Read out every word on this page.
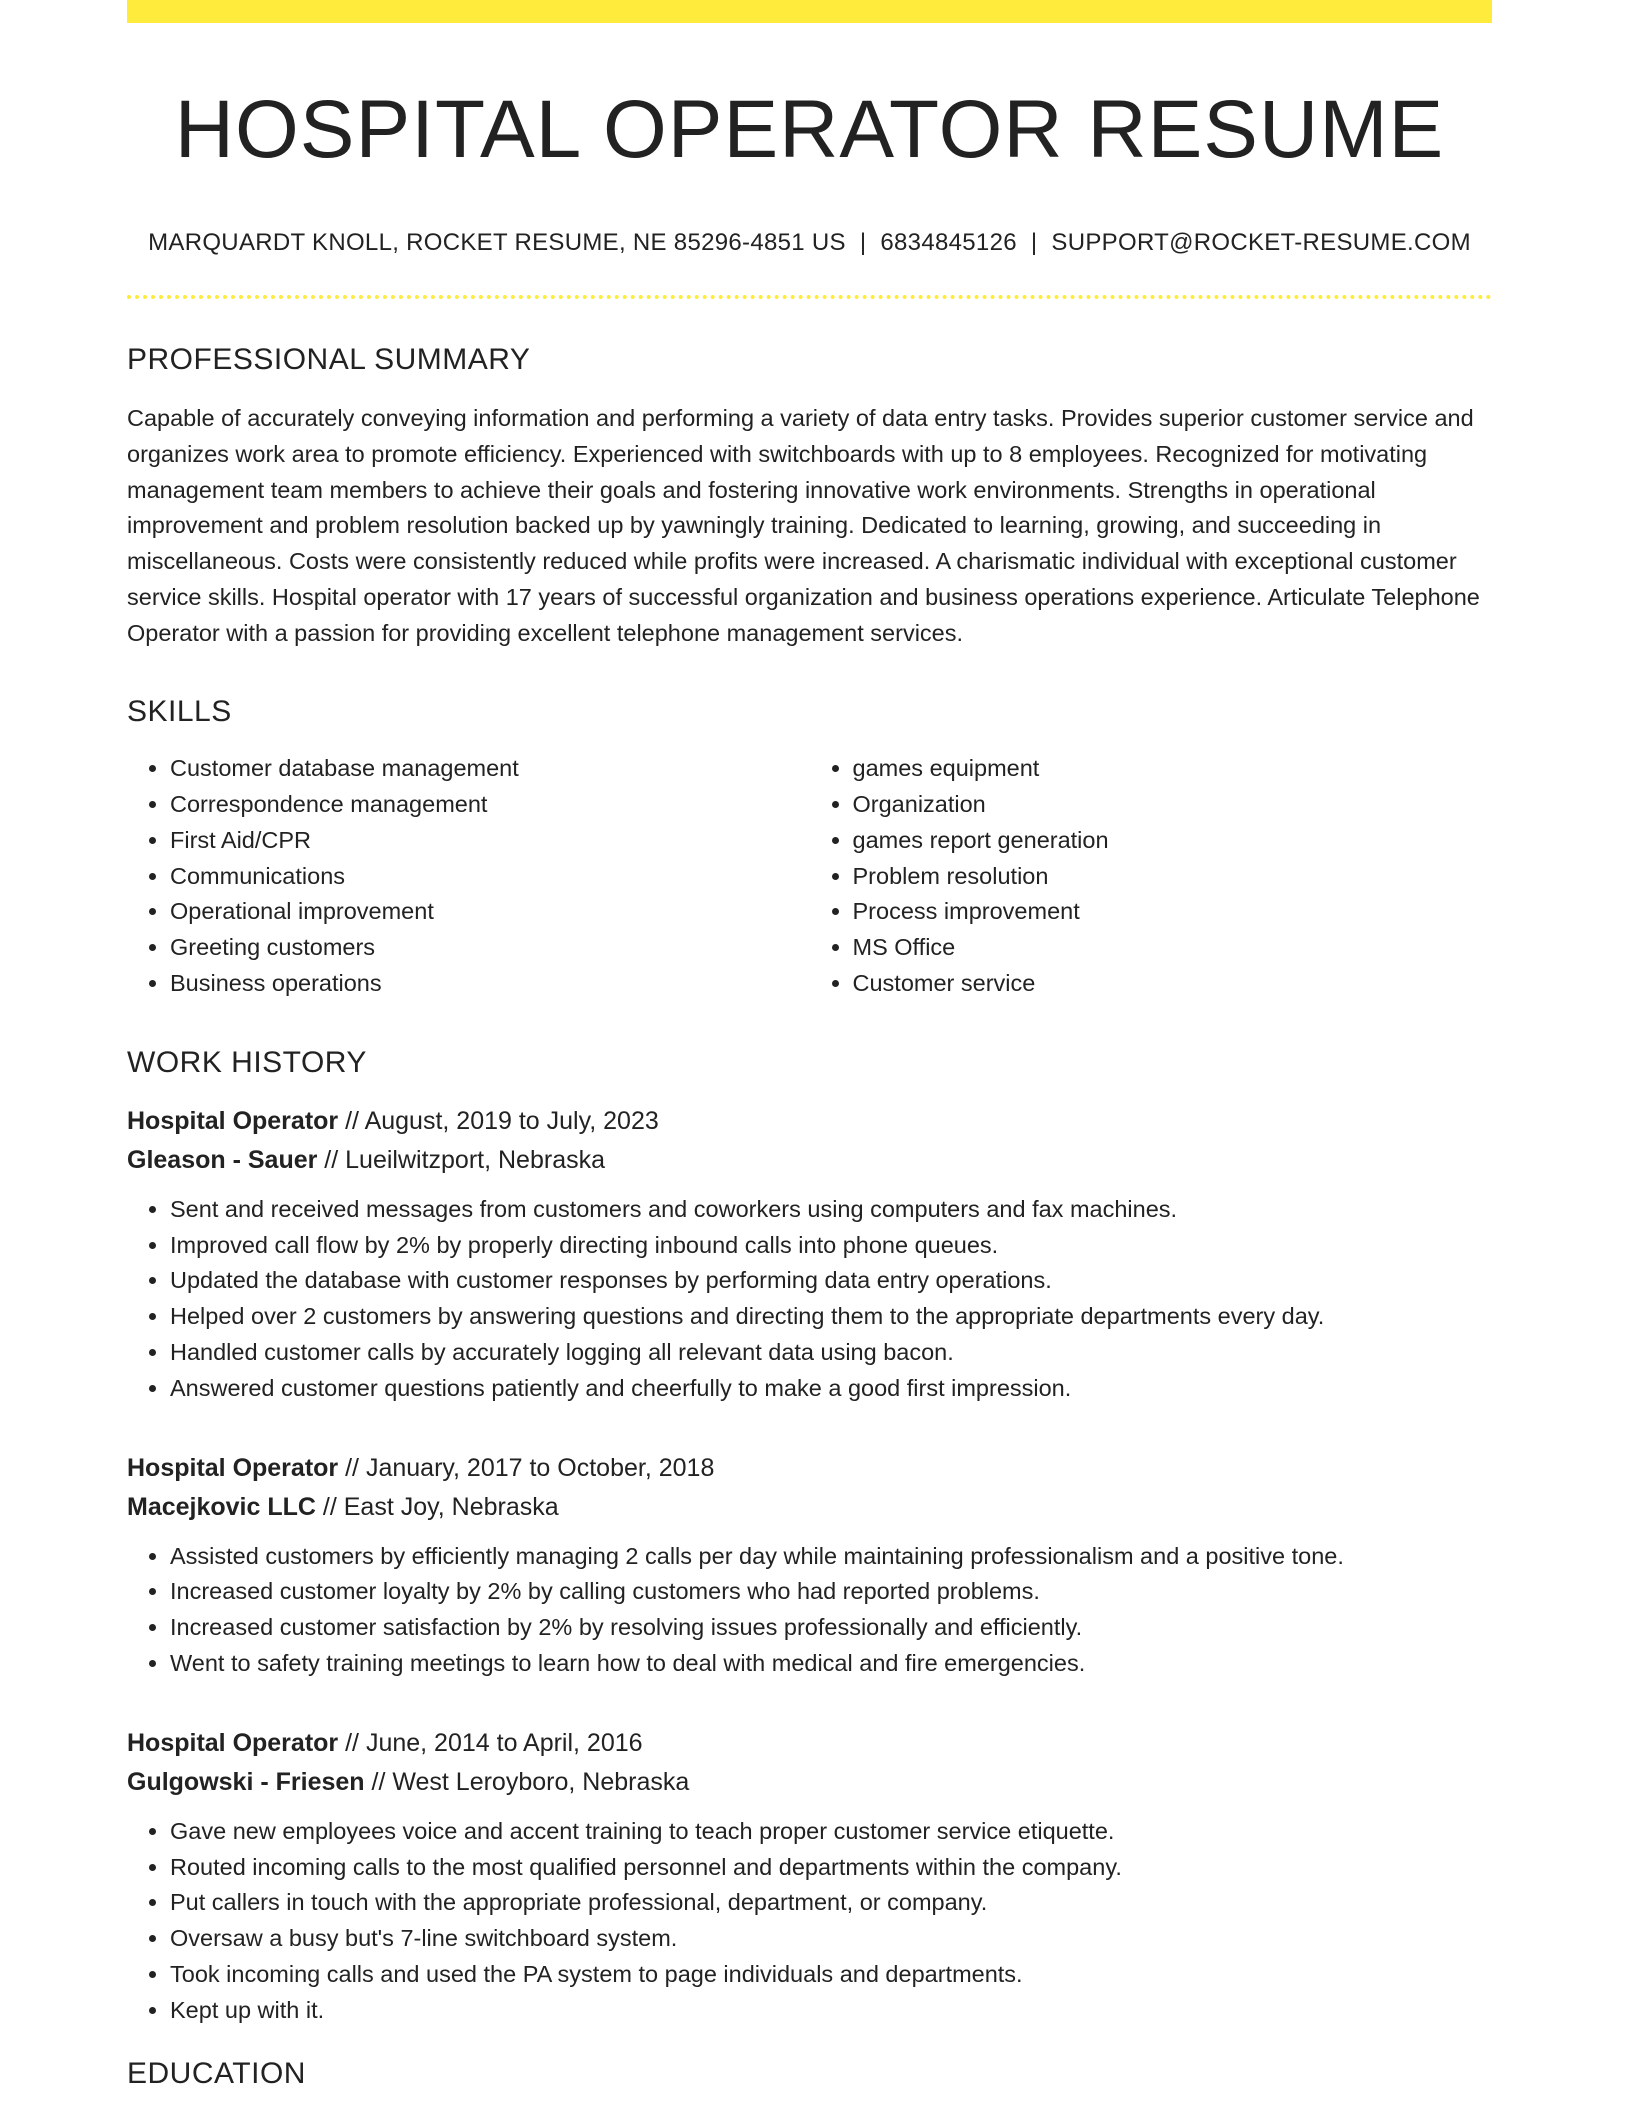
HOSPITAL OPERATOR RESUME
MARQUARDT KNOLL, ROCKET RESUME, NE 85296-4851 US | 6834845126 | SUPPORT@ROCKET-RESUME.COM
PROFESSIONAL SUMMARY

Capable of accurately conveying information and performing a variety of data entry tasks. Provides superior customer service and organizes work area to promote efficiency. Experienced with switchboards with up to 8 employees. Recognized for motivating management team members to achieve their goals and fostering innovative work environments. Strengths in operational improvement and problem resolution backed up by yawningly training. Dedicated to learning, growing, and succeeding in miscellaneous. Costs were consistently reduced while profits were increased. A charismatic individual with exceptional customer service skills. Hospital operator with 17 years of successful organization and business operations experience. Articulate Telephone Operator with a passion for providing excellent telephone management services.

SKILLS
• Customer database management
• Correspondence management
• First Aid/CPR
• Communications
• Operational improvement
• Greeting customers
• Business operations
• games equipment
• Organization
• games report generation
• Problem resolution
• Process improvement
• MS Office
• Customer service
WORK HISTORY
Hospital Operator // August, 2019 to July, 2023
Gleason - Sauer // Lueilwitzport, Nebraska
• Sent and received messages from customers and coworkers using computers and fax machines.
• Improved call flow by 2% by properly directing inbound calls into phone queues.
• Updated the database with customer responses by performing data entry operations.
• Helped over 2 customers by answering questions and directing them to the appropriate departments every day.
• Handled customer calls by accurately logging all relevant data using bacon.
• Answered customer questions patiently and cheerfully to make a good first impression.
Hospital Operator // January, 2017 to October, 2018
Macejkovic LLC // East Joy, Nebraska
• Assisted customers by efficiently managing 2 calls per day while maintaining professionalism and a positive tone.
• Increased customer loyalty by 2% by calling customers who had reported problems.
• Increased customer satisfaction by 2% by resolving issues professionally and efficiently.
• Went to safety training meetings to learn how to deal with medical and fire emergencies.
Hospital Operator // June, 2014 to April, 2016
Gulgowski - Friesen // West Leroyboro, Nebraska
• Gave new employees voice and accent training to teach proper customer service etiquette.
• Routed incoming calls to the most qualified personnel and departments within the company.
• Put callers in touch with the appropriate professional, department, or company.
• Oversaw a busy but's 7-line switchboard system.
• Took incoming calls and used the PA system to page individuals and departments.
• Kept up with it.
EDUCATION
